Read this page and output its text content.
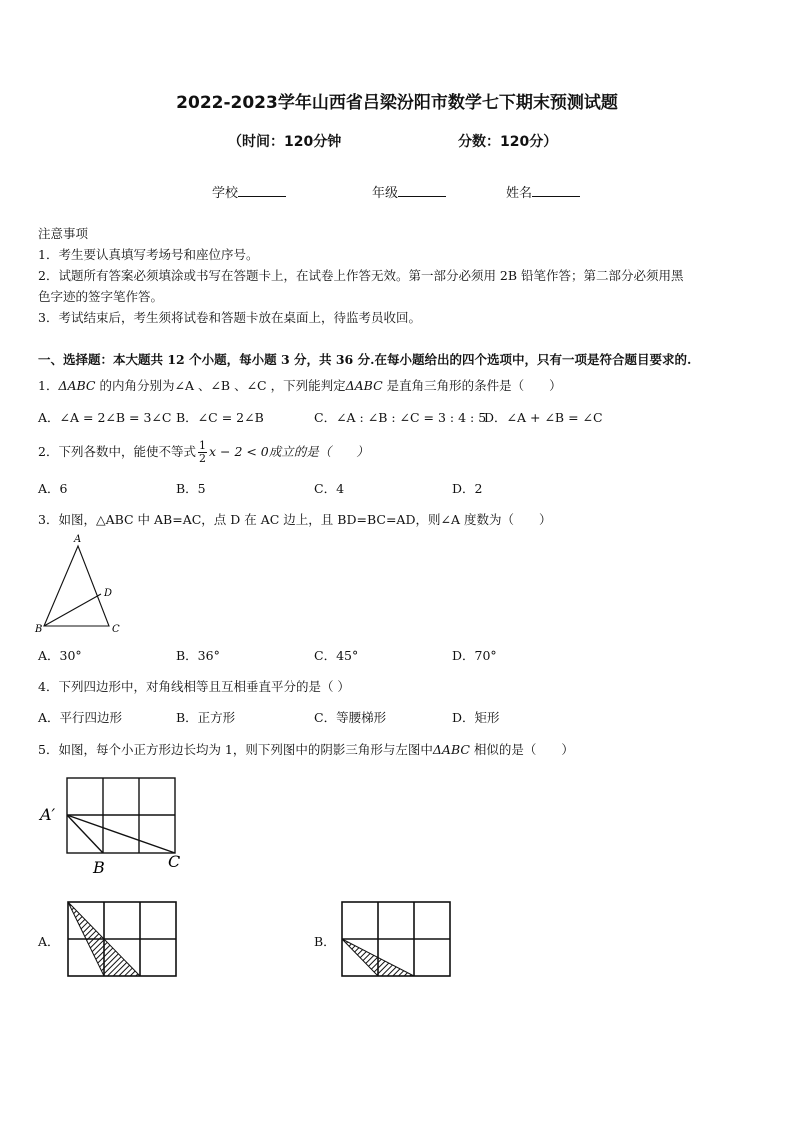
2022-2023学年山西省吕梁汾阳市数学七下期末预测试题
（时间：120分钟	分数：120分）
学校	年级	姓名
注意事项
1．考生要认真填写考场号和座位序号。
2．试题所有答案必须填涂或书写在答题卡上，在试卷上作答无效。第一部分必须用 2B 铅笔作答；第二部分必须用黑
色字迹的签字笔作答。
3．考试结束后，考生须将试卷和答题卡放在桌面上，待监考员收回。
一、选择题：本大题共 12 个小题，每小题 3 分，共 36 分.在每小题给出的四个选项中，只有一项是符合题目要求的.
1．ΔABC 的内角分别为∠A 、∠B 、∠C ，下列能判定ΔABC 是直角三角形的条件是（　　）
A．∠A = 2∠B = 3∠C B．∠C = 2∠B	C．∠A : ∠B : ∠C = 3 : 4 : 5
D．∠A + ∠B = ∠C
2．下列各数中，能使不等式 $\frac{1}{2}$ x − 2 < 0成立的是（　　）
A．6	B．5	C．4	D．2
3．如图，△ABC 中 AB=AC，点 D 在 AC 边上，且 BD=BC=AD，则∠A 度数为（　　）
A
B	C
D
A．30°	B．36°	C．45°	D．70°
4．下列四边形中，对角线相等且互相垂直平分的是（ ）
A．平行四边形	B．正方形	C．等腰梯形	D．矩形
5．如图，每个小正方形边长均为 1，则下列图中的阴影三角形与左图中ΔABC 相似的是（　　）
A′
B	C
A．	B．
